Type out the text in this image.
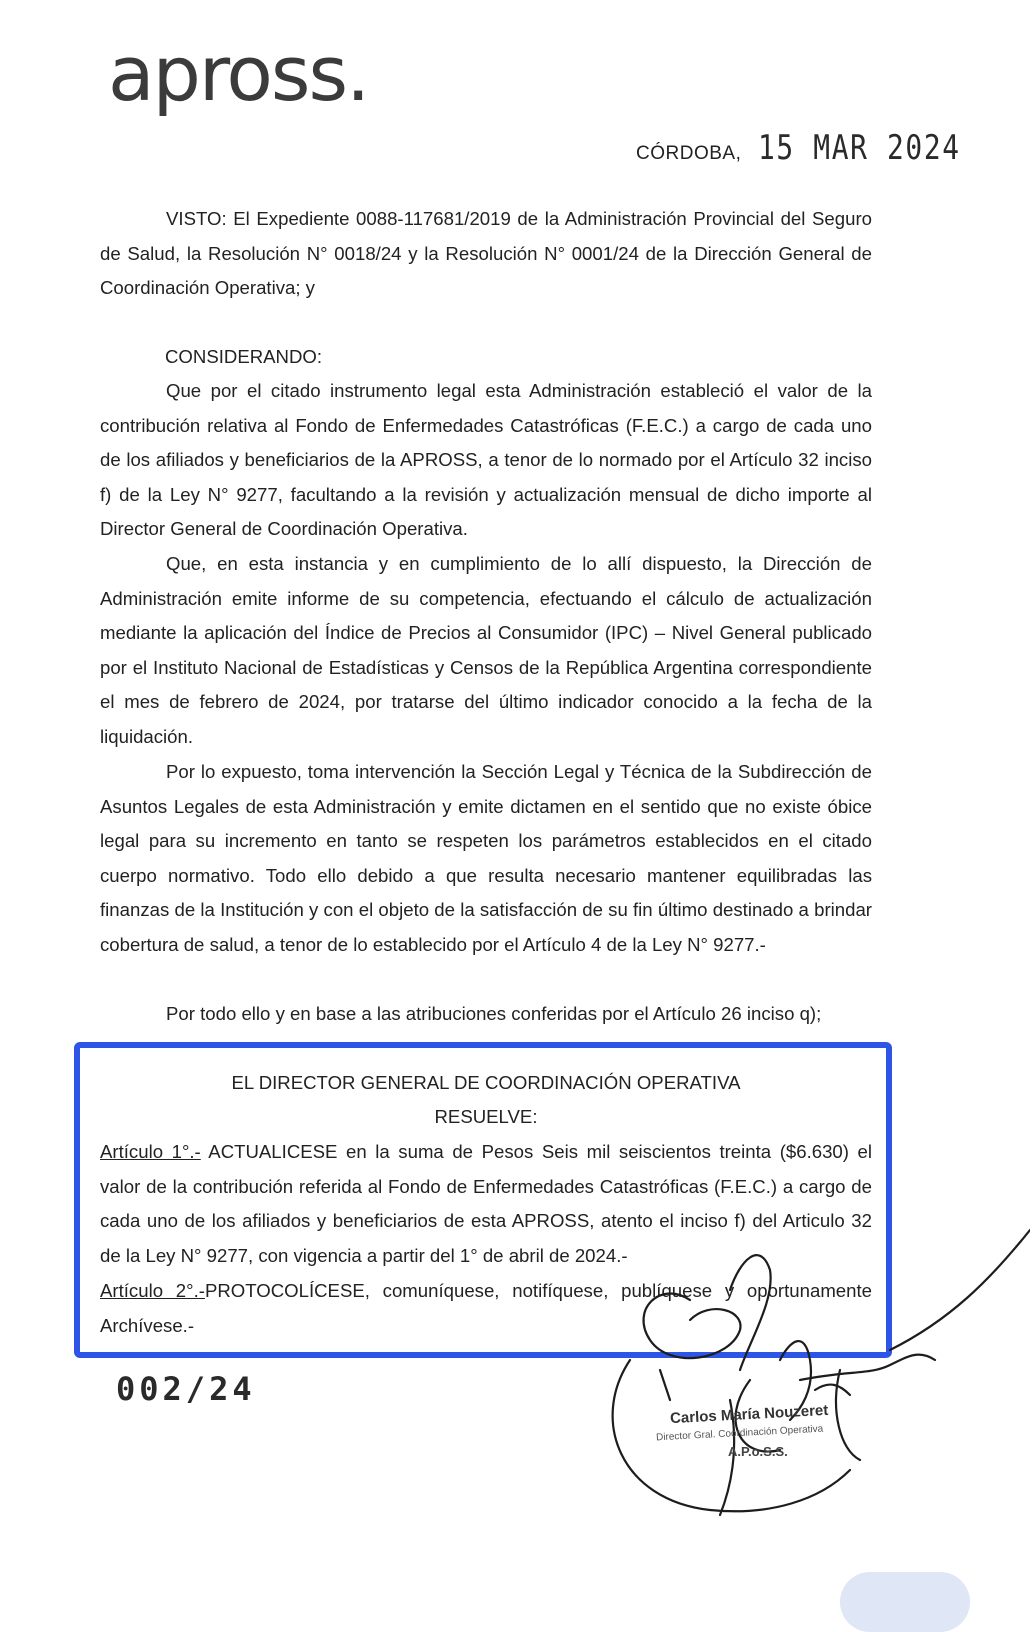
apross.
CÓRDOBA, 15 MAR 2024
VISTO: El Expediente 0088-117681/2019 de la Administración Provincial del Seguro de Salud, la Resolución N° 0018/24 y la Resolución N° 0001/24 de la Dirección General de Coordinación Operativa; y
CONSIDERANDO:
Que por el citado instrumento legal esta Administración estableció el valor de la contribución relativa al Fondo de Enfermedades Catastróficas (F.E.C.) a cargo de cada uno de los afiliados y beneficiarios de la APROSS, a tenor de lo normado por el Artículo 32 inciso f) de la Ley N° 9277, facultando a la revisión y actualización mensual de dicho importe al Director General de Coordinación Operativa.
Que, en esta instancia y en cumplimiento de lo allí dispuesto, la Dirección de Administración emite informe de su competencia, efectuando el cálculo de actualización mediante la aplicación del Índice de Precios al Consumidor (IPC) – Nivel General publicado por el Instituto Nacional de Estadísticas y Censos de la República Argentina correspondiente el mes de febrero de 2024, por tratarse del último indicador conocido a la fecha de la liquidación.
Por lo expuesto, toma intervención la Sección Legal y Técnica de la Subdirección de Asuntos Legales de esta Administración y emite dictamen en el sentido que no existe óbice legal para su incremento en tanto se respeten los parámetros establecidos en el citado cuerpo normativo. Todo ello debido a que resulta necesario mantener equilibradas las finanzas de la Institución y con el objeto de la satisfacción de su fin último destinado a brindar cobertura de salud, a tenor de lo establecido por el Artículo 4 de la Ley N° 9277.-
Por todo ello y en base a las atribuciones conferidas por el Artículo 26 inciso q);
EL DIRECTOR GENERAL DE COORDINACIÓN OPERATIVA
RESUELVE:
Artículo 1°.- ACTUALICESE en la suma de Pesos Seis mil seiscientos treinta ($6.630) el valor de la contribución referida al Fondo de Enfermedades Catastróficas (F.E.C.) a cargo de cada uno de los afiliados y beneficiarios de esta APROSS, atento el inciso f) del Articulo 32 de la Ley N° 9277, con vigencia a partir del 1° de abril de 2024.-
Artículo 2°.-PROTOCOLÍCESE, comuníquese, notifíquese, publíquese y oportunamente Archívese.-
002/24
Carlos María Nouzeret
Director Gral. Coordinación Operativa
A.P.o.S.S.
